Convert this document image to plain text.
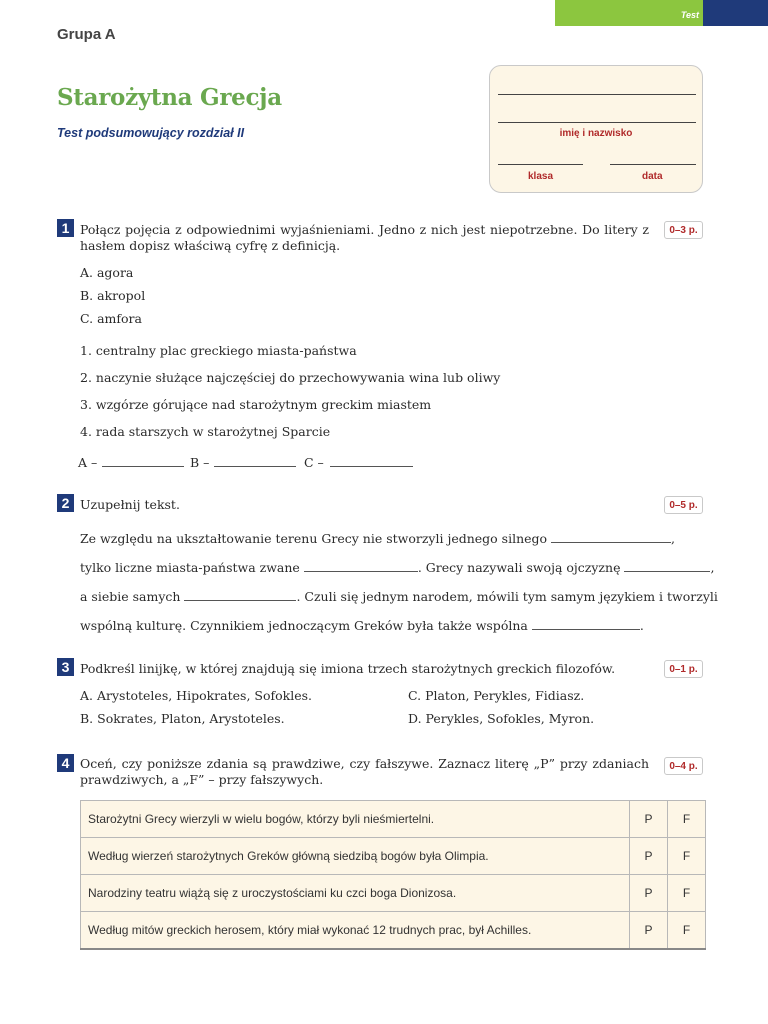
Test
Grupa A
Starożytna Grecja
Test podsumowujący rozdział II	imię i nazwisko
klasa	data
1	0–3 p.
Połącz pojęcia z odpowiednimi wyjaśnieniami. Jedno z nich jest niepotrzebne. Do litery z hasłem dopisz właściwą cyfrę z definicją.
A. agora
B. akropol
C. amfora
1. centralny plac greckiego miasta-państwa
2. naczynie służące najczęściej do przechowywania wina lub oliwy
3. wzgórze górujące nad starożytnym greckim miastem
4. rada starszych w starożytnej Sparcie
A –	B –	C –
2	0–5 p.
Uzupełnij tekst.
Ze względu na ukształtowanie terenu Grecy nie stworzyli jednego silnego	,
tylko liczne miasta-państwa zwane	. Grecy nazywali swoją ojczyznę	,
a siebie samych	. Czuli się jednym narodem, mówili tym samym językiem i tworzyli
wspólną kulturę. Czynnikiem jednoczącym Greków była także wspólna	.
3	0–1 p.
Podkreśl linijkę, w której znajdują się imiona trzech starożytnych greckich filozofów.
A. Arystoteles, Hipokrates, Sofokles.	C. Platon, Perykles, Fidiasz.
B. Sokrates, Platon, Arystoteles.	D. Perykles, Sofokles, Myron.
4	0–4 p.
Oceń, czy poniższe zdania są prawdziwe, czy fałszywe. Zaznacz literę „P” przy zdaniach prawdziwych, a „F” – przy fałszywych.
Starożytni Grecy wierzyli w wielu bogów, którzy byli nieśmiertelni.	P	F
Według wierzeń starożytnych Greków główną siedzibą bogów była Olimpia.	P	F
Narodziny teatru wiążą się z uroczystościami ku czci boga Dionizosa.	P	F
Według mitów greckich herosem, który miał wykonać 12 trudnych prac, był Achilles.	P	F
